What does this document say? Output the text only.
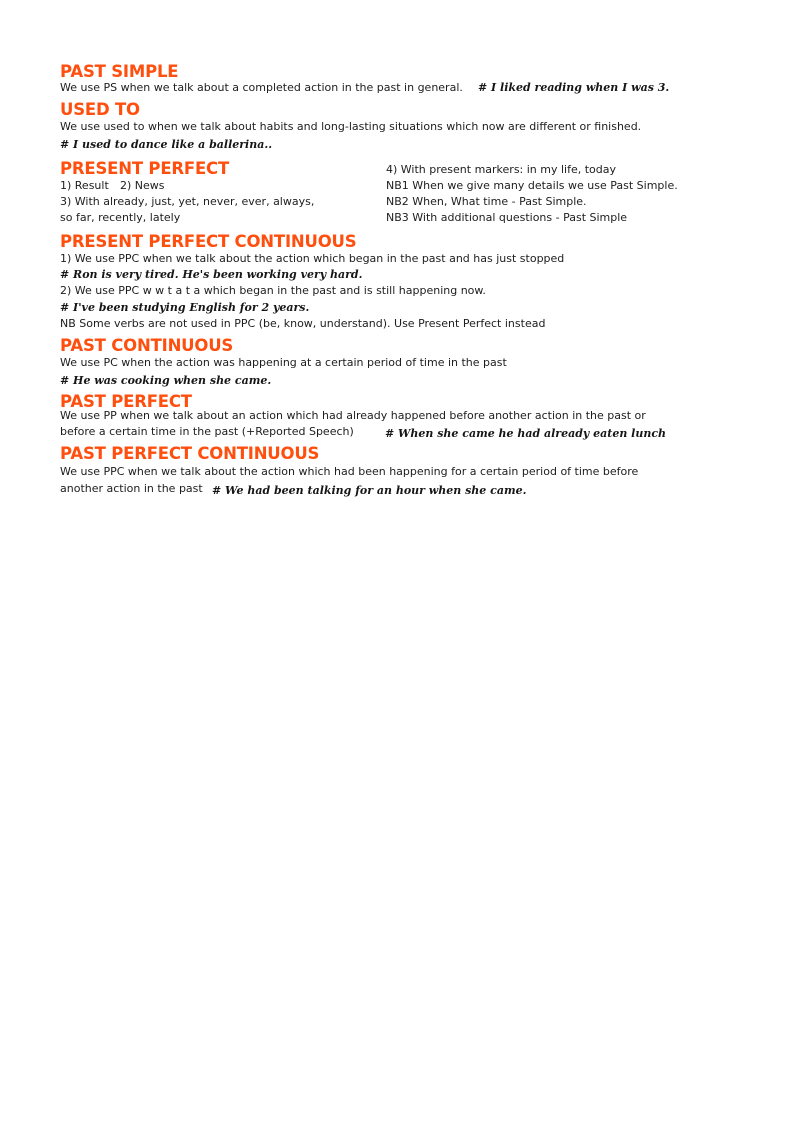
PAST SIMPLE
We use PS when we talk about a completed action in the past in general. # I liked reading when I was 3.
USED TO
We use used to when we talk about habits and long-lasting situations which now are different or finished.
# I used to dance like a ballerina..
PRESENT PERFECT
1) Result 2) News
3) With already, just, yet, never, ever, always,
so far, recently, lately
4) With present markers: in my life, today
NB1 When we give many details we use Past Simple.
NB2 When, What time - Past Simple.
NB3 With additional questions - Past Simple
PRESENT PERFECT CONTINUOUS
1) We use PPC when we talk about the action which began in the past and has just stopped
# Ron is very tired. He's been working very hard.
2) We use PPC w w t a t a which began in the past and is still happening now.
# I've been studying English for 2 years.
NB Some verbs are not used in PPC (be, know, understand). Use Present Perfect instead
PAST CONTINUOUS
We use PC when the action was happening at a certain period of time in the past
# He was cooking when she came.
PAST PERFECT
We use PP when we talk about an action which had already happened before another action in the past or
before a certain time in the past (+Reported Speech)	# When she came he had already eaten lunch
PAST PERFECT CONTINUOUS
We use PPC when we talk about the action which had been happening for a certain period of time before
another action in the past # We had been talking for an hour when she came.
